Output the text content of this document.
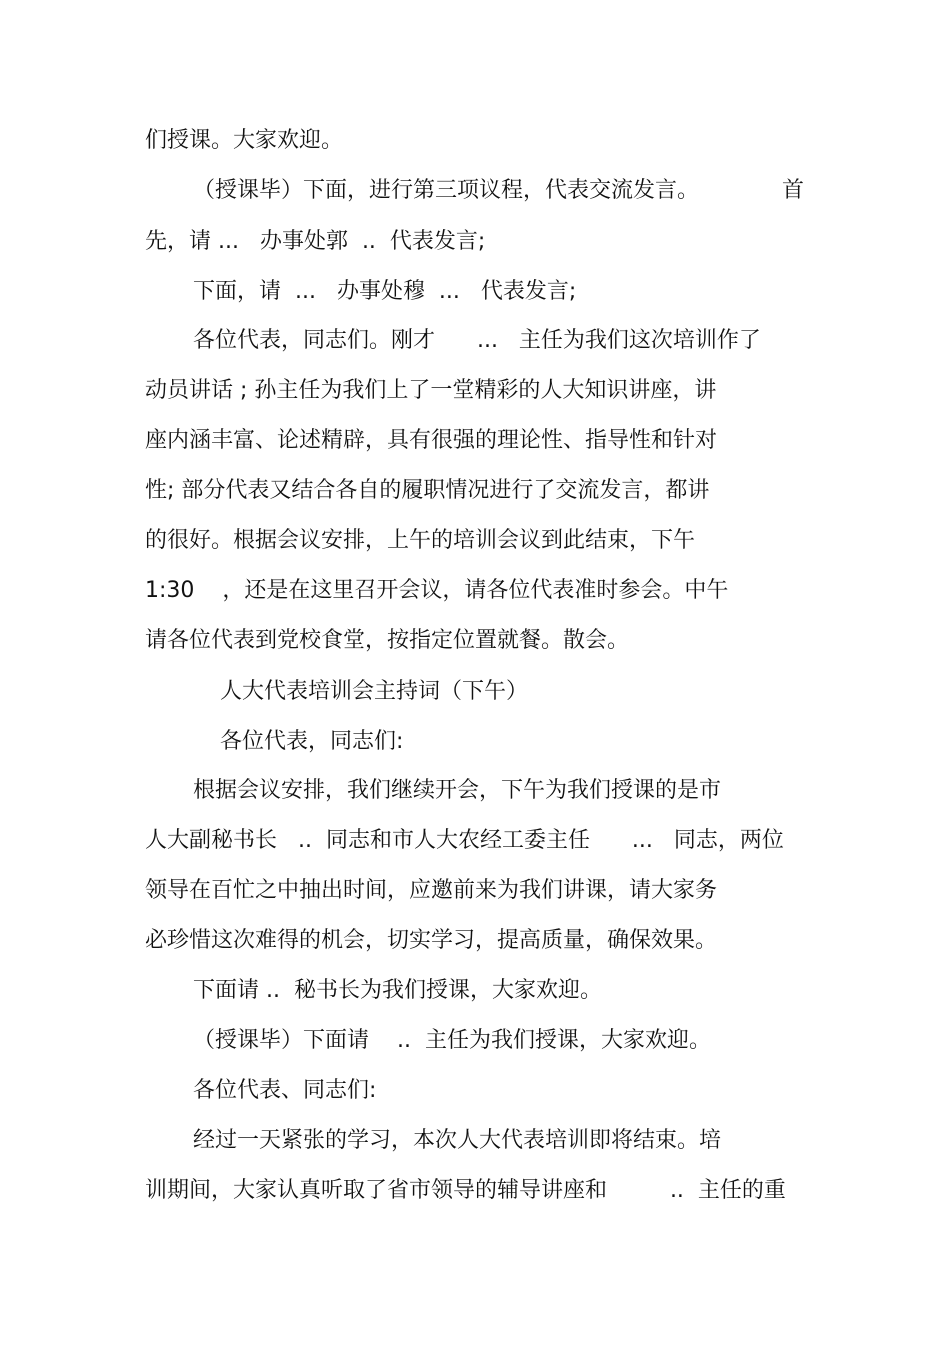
们授课。大家欢迎。
（授课毕）下面，进行第三项议程，代表交流发言。	首
先，请 ...   办事处郭  ..  代表发言;
下面，请  ...   办事处穆  ...   代表发言;
各位代表，同志们。刚才      ...   主任为我们这次培训作了
动员讲话 ; 孙主任为我们上了一堂精彩的人大知识讲座，讲
座内涵丰富、论述精辟，具有很强的理论性、指导性和针对
性; 部分代表又结合各自的履职情况进行了交流发言，都讲
的很好。根据会议安排，上午的培训会议到此结束，下午
1:30    ，还是在这里召开会议，请各位代表准时参会。中午
请各位代表到党校食堂，按指定位置就餐。散会。
人大代表培训会主持词（下午）
各位代表，同志们:
根据会议安排，我们继续开会，下午为我们授课的是市
人大副秘书长   ..  同志和市人大农经工委主任      ...   同志，两位
领导在百忙之中抽出时间，应邀前来为我们讲课，请大家务
必珍惜这次难得的机会，切实学习，提高质量，确保效果。
下面请 ..  秘书长为我们授课，大家欢迎。
（授课毕）下面请    ..  主任为我们授课，大家欢迎。
各位代表、同志们:
经过一天紧张的学习，本次人大代表培训即将结束。培
训期间，大家认真听取了省市领导的辅导讲座和         ..  主任的重
